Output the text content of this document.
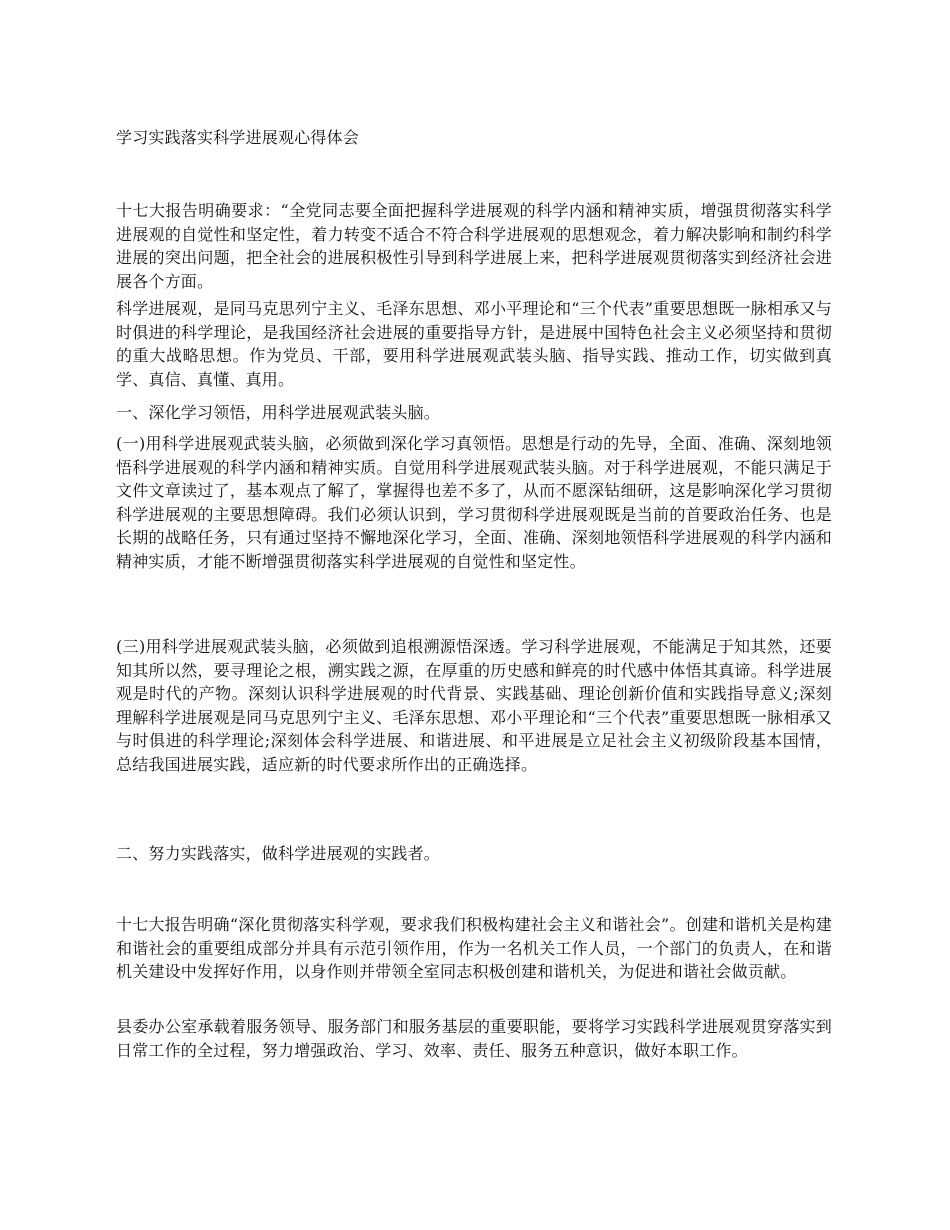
学习实践落实科学进展观心得体会

十七大报告明确要求：“全党同志要全面把握科学进展观的科学内涵和精神实质，增强贯彻落实科学进展观的自觉性和坚定性，着力转变不适合不符合科学进展观的思想观念，着力解决影响和制约科学进展的突出问题，把全社会的进展积极性引导到科学进展上来，把科学进展观贯彻落实到经济社会进展各个方面。

科学进展观，是同马克思列宁主义、毛泽东思想、邓小平理论和“三个代表”重要思想既一脉相承又与时俱进的科学理论，是我国经济社会进展的重要指导方针，是进展中国特色社会主义必须坚持和贯彻的重大战略思想。作为党员、干部，要用科学进展观武装头脑、指导实践、推动工作，切实做到真学、真信、真懂、真用。

一、深化学习领悟，用科学进展观武装头脑。

(一)用科学进展观武装头脑，必须做到深化学习真领悟。思想是行动的先导，全面、准确、深刻地领悟科学进展观的科学内涵和精神实质。自觉用科学进展观武装头脑。对于科学进展观，不能只满足于文件文章读过了，基本观点了解了，掌握得也差不多了，从而不愿深钻细研，这是影响深化学习贯彻科学进展观的主要思想障碍。我们必须认识到，学习贯彻科学进展观既是当前的首要政治任务、也是长期的战略任务，只有通过坚持不懈地深化学习，全面、准确、深刻地领悟科学进展观的科学内涵和精神实质，才能不断增强贯彻落实科学进展观的自觉性和坚定性。

(三)用科学进展观武装头脑，必须做到追根溯源悟深透。学习科学进展观，不能满足于知其然，还要知其所以然，要寻理论之根，溯实践之源，在厚重的历史感和鲜亮的时代感中体悟其真谛。科学进展观是时代的产物。深刻认识科学进展观的时代背景、实践基础、理论创新价值和实践指导意义;深刻理解科学进展观是同马克思列宁主义、毛泽东思想、邓小平理论和“三个代表”重要思想既一脉相承又与时俱进的科学理论;深刻体会科学进展、和谐进展、和平进展是立足社会主义初级阶段基本国情，总结我国进展实践，适应新的时代要求所作出的正确选择。

二、努力实践落实，做科学进展观的实践者。

十七大报告明确“深化贯彻落实科学观，要求我们积极构建社会主义和谐社会”。创建和谐机关是构建和谐社会的重要组成部分并具有示范引领作用，作为一名机关工作人员，一个部门的负责人，在和谐机关建设中发挥好作用，以身作则并带领全室同志积极创建和谐机关，为促进和谐社会做贡献。

县委办公室承载着服务领导、服务部门和服务基层的重要职能，要将学习实践科学进展观贯穿落实到日常工作的全过程，努力增强政治、学习、效率、责任、服务五种意识，做好本职工作。
